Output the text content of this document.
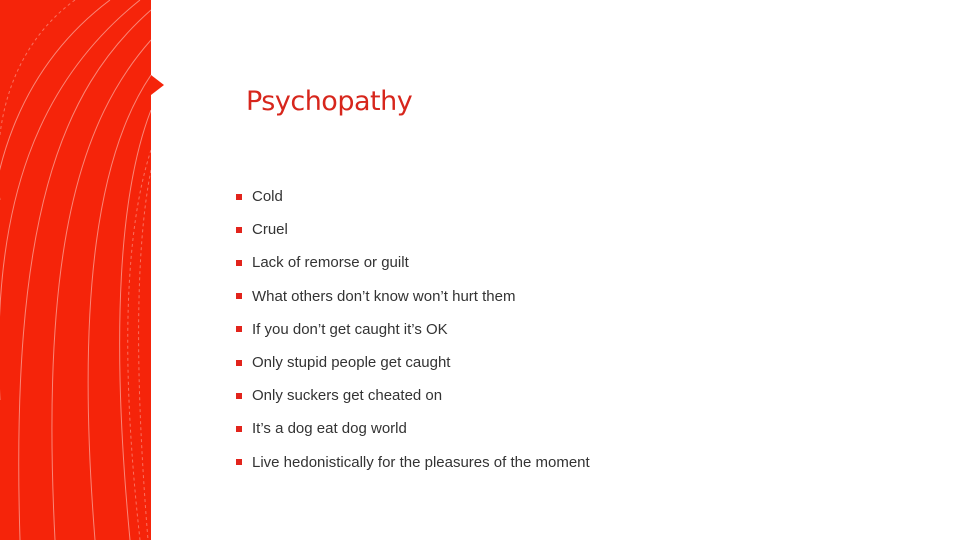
Psychopathy
Cold
Cruel
Lack of remorse or guilt
What others don’t know won’t hurt them
If you don’t get caught it’s OK
Only stupid people get caught
Only suckers get cheated on
It’s a dog eat dog world
Live hedonistically for the pleasures of the moment
